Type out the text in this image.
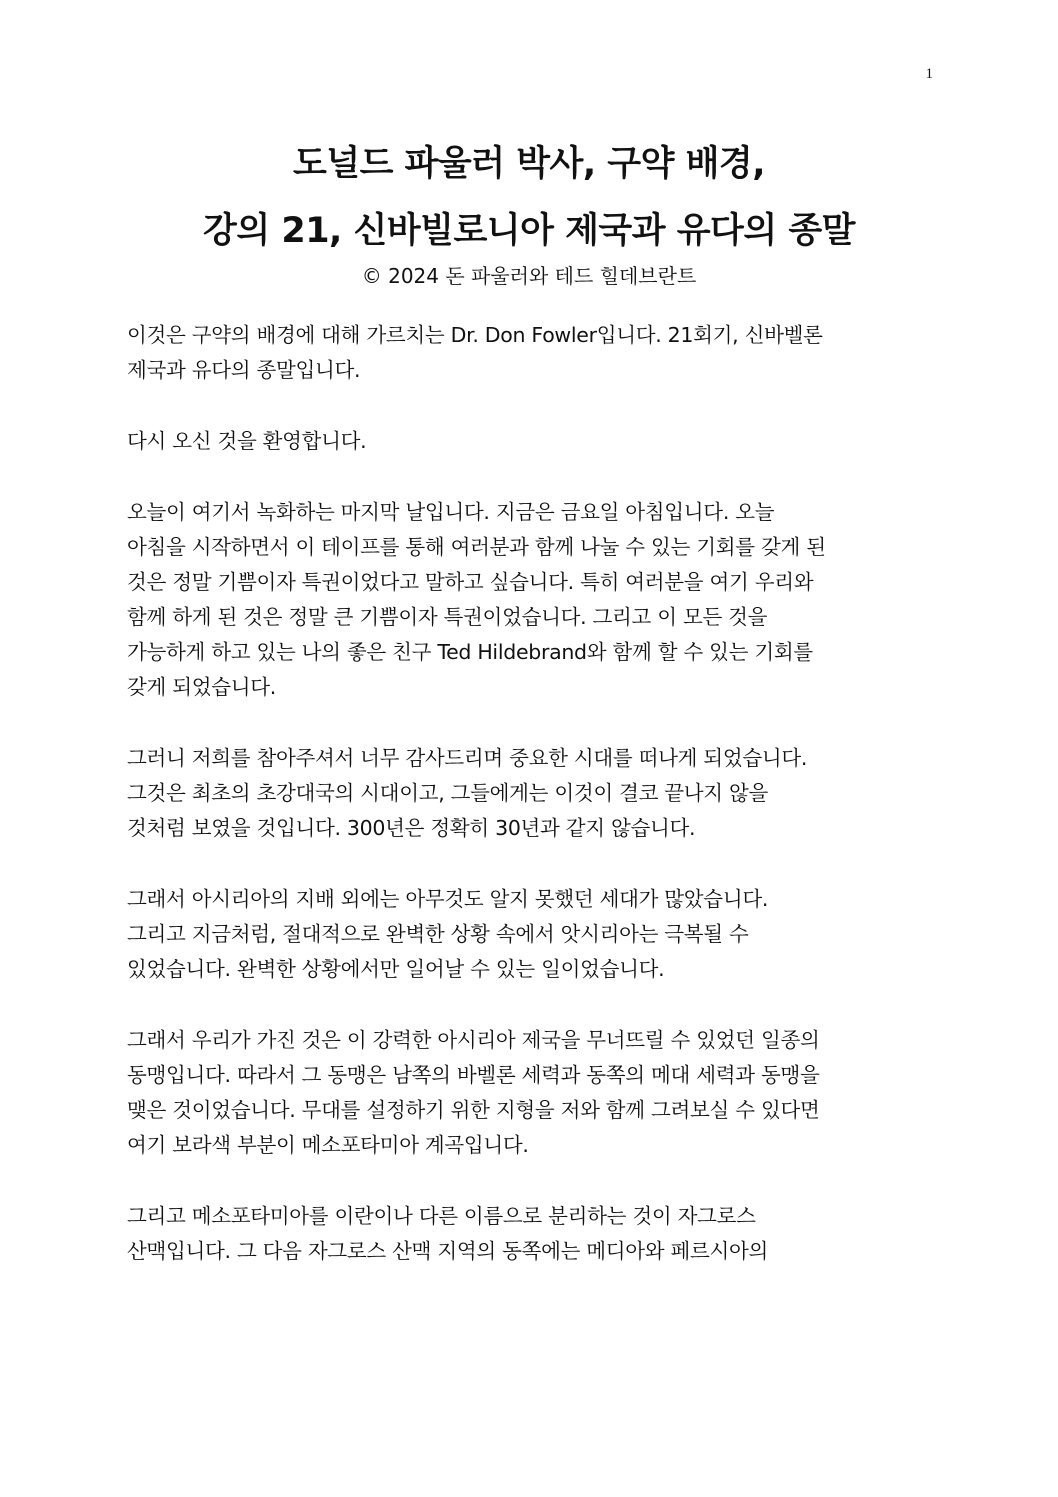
1
도널드 파울러 박사, 구약 배경,
강의 21, 신바빌로니아 제국과 유다의 종말
© 2024 돈 파울러와 테드 힐데브란트

이것은 구약의 배경에 대해 가르치는 Dr. Don Fowler입니다. 21회기, 신바벨론
제국과 유다의 종말입니다.

다시 오신 것을 환영합니다.

오늘이 여기서 녹화하는 마지막 날입니다. 지금은 금요일 아침입니다. 오늘
아침을 시작하면서 이 테이프를 통해 여러분과 함께 나눌 수 있는 기회를 갖게 된
것은 정말 기쁨이자 특권이었다고 말하고 싶습니다. 특히 여러분을 여기 우리와
함께 하게 된 것은 정말 큰 기쁨이자 특권이었습니다. 그리고 이 모든 것을
가능하게 하고 있는 나의 좋은 친구 Ted Hildebrand와 함께 할 수 있는 기회를
갖게 되었습니다.

그러니 저희를 참아주셔서 너무 감사드리며 중요한 시대를 떠나게 되었습니다.
그것은 최초의 초강대국의 시대이고, 그들에게는 이것이 결코 끝나지 않을
것처럼 보였을 것입니다. 300년은 정확히 30년과 같지 않습니다.

그래서 아시리아의 지배 외에는 아무것도 알지 못했던 세대가 많았습니다.
그리고 지금처럼, 절대적으로 완벽한 상황 속에서 앗시리아는 극복될 수
있었습니다. 완벽한 상황에서만 일어날 수 있는 일이었습니다.

그래서 우리가 가진 것은 이 강력한 아시리아 제국을 무너뜨릴 수 있었던 일종의
동맹입니다. 따라서 그 동맹은 남쪽의 바벨론 세력과 동쪽의 메대 세력과 동맹을
맺은 것이었습니다. 무대를 설정하기 위한 지형을 저와 함께 그려보실 수 있다면
여기 보라색 부분이 메소포타미아 계곡입니다.

그리고 메소포타미아를 이란이나 다른 이름으로 분리하는 것이 자그로스
산맥입니다. 그 다음 자그로스 산맥 지역의 동쪽에는 메디아와 페르시아의
